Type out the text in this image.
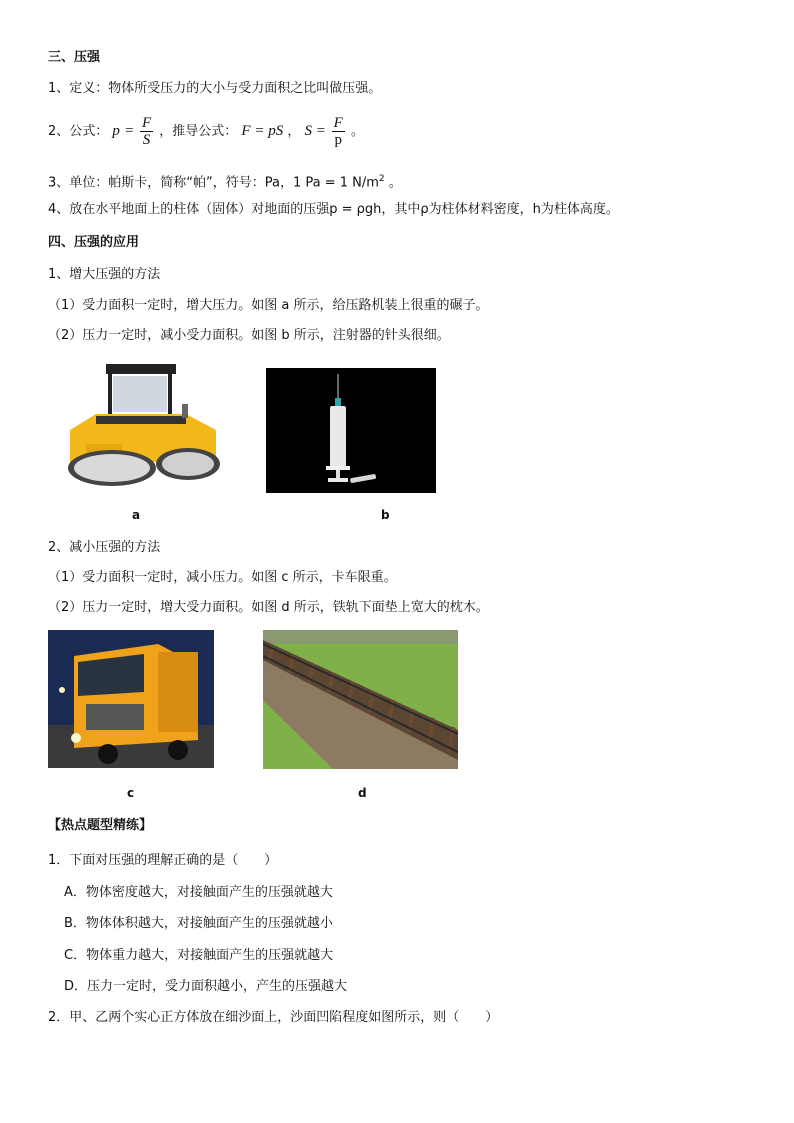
三、压强
1、定义：物体所受压力的大小与受力面积之比叫做压强。
2、公式： $p = \frac{F}{S}$ ，推导公式： F = pS ， $S = \frac{F}{p}$ 。
3、单位：帕斯卡，简称“帕”，符号：Pa，1 Pa = 1 $N/m^2$ 。
4、放在水平地面上的柱体（固体）对地面的压强p = ρgh，其中ρ为柱体材料密度，h为柱体高度。
四、压强的应用
1、增大压强的方法
（1）受力面积一定时，增大压力。如图 a 所示，给压路机装上很重的碾子。
（2）压力一定时，减小受力面积。如图 b 所示，注射器的针头很细。
a	b
2、减小压强的方法
（1）受力面积一定时，减小压力。如图 c 所示，卡车限重。
（2）压力一定时，增大受力面积。如图 d 所示，铁轨下面垫上宽大的枕木。
c	d
【热点题型精练】
1．下面对压强的理解正确的是（　　）
A．物体密度越大，对接触面产生的压强就越大
B．物体体积越大，对接触面产生的压强就越小
C．物体重力越大，对接触面产生的压强就越大
D．压力一定时，受力面积越小，产生的压强越大
2．甲、乙两个实心正方体放在细沙面上，沙面凹陷程度如图所示，则（　　）
